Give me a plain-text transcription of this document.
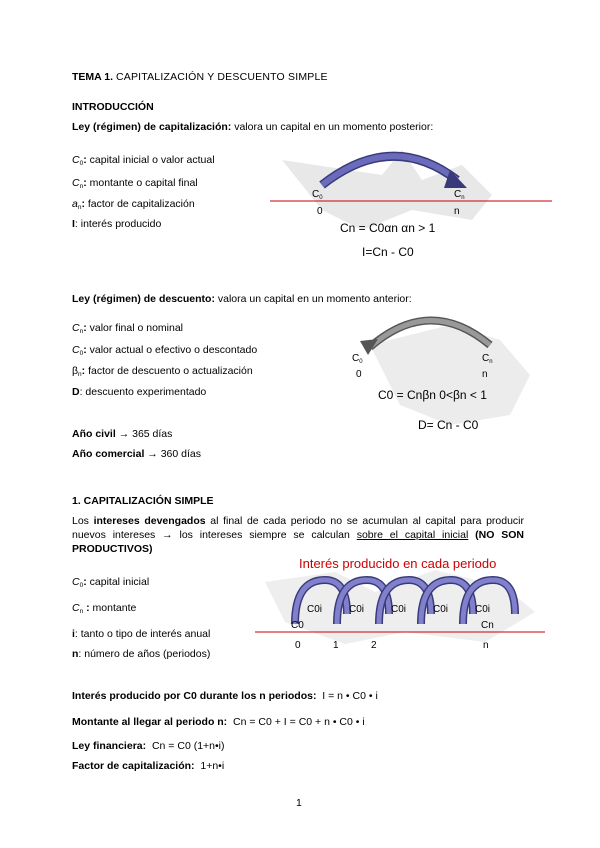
TEMA 1. CAPITALIZACIÓN Y DESCUENTO SIMPLE
INTRODUCCIÓN
Ley (régimen) de capitalización: valora un capital en un momento posterior:
$C_0$: capital inicial o valor actual
$C_n$: montante o capital final
$a_n$: factor de capitalización
I: interés producido
$C_0$	$C_n$
0	n
Cn = C0αn αn > 1
I=Cn - C0
Ley (régimen) de descuento: valora un capital en un momento anterior:
$C_n$: valor final o nominal
$C_0$: valor actual o efectivo o descontado
$\beta_n$: factor de descuento o actualización
D: descuento experimentado
$C_0$	$C_n$
0	n
C0 = Cnβn 0<βn < 1
D= Cn - C0
Año civil → 365 días
Año comercial → 360 días
1. CAPITALIZACIÓN SIMPLE
Los intereses devengados al final de cada periodo no se acumulan al capital para producir nuevos intereses → los intereses siempre se calculan sobre el capital inicial (NO SON PRODUCTIVOS)
$C_0$: capital inicial
$C_n$ : montante
i: tanto o tipo de interés anual
n: número de años (periodos)
Interés producido en cada periodo
C0i	C0i	C0i	C0i	C0i
C0	Cn
0	1	2	n
Interés producido por C0 durante los n periodos: I = n • C0 • i
Montante al llegar al periodo n: Cn = C0 + I = C0 + n • C0 • i
Ley financiera: Cn = C0 (1+n•i)
Factor de capitalización: 1+n•i
1
